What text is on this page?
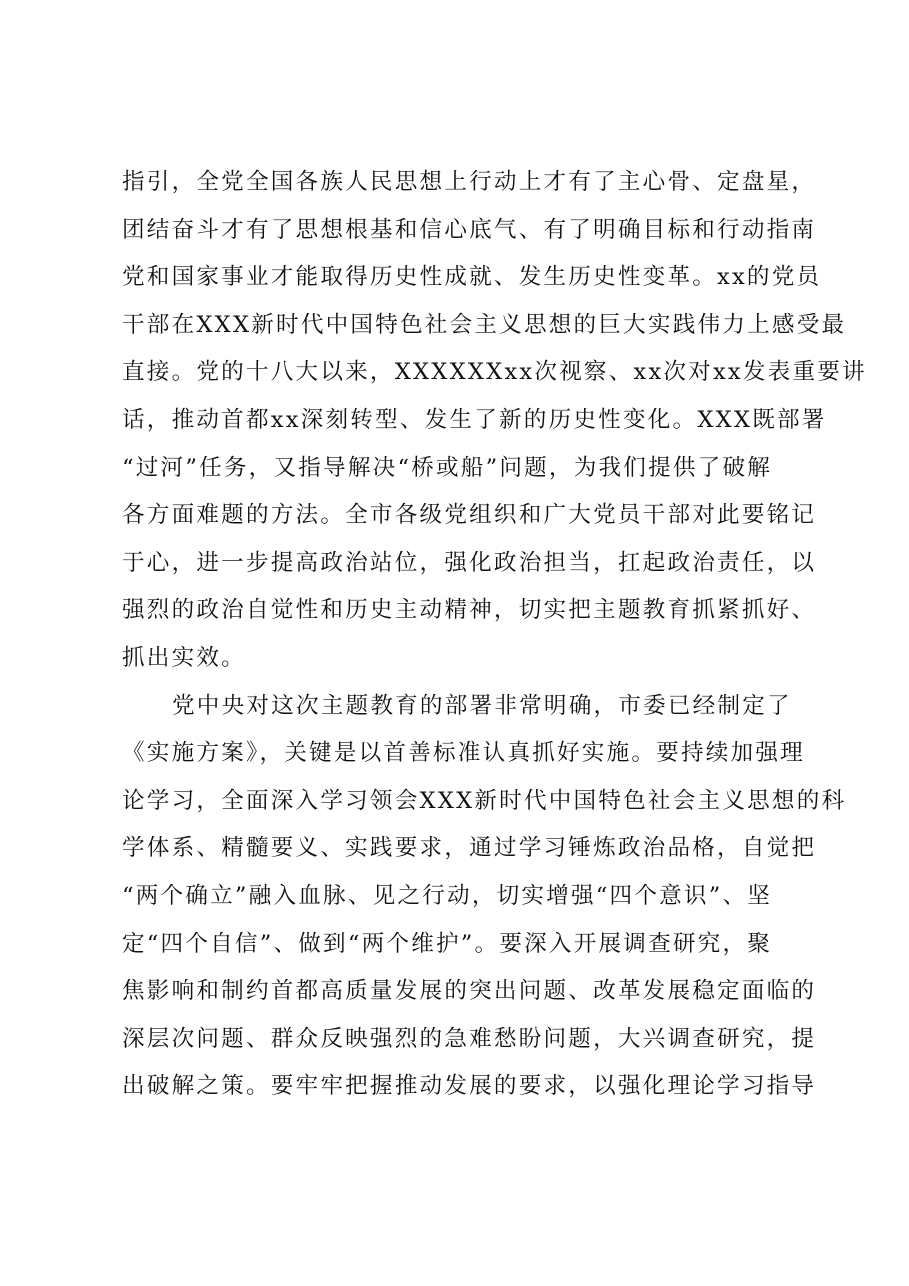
指引，全党全国各族人民思想上行动上才有了主心骨、定盘星，
团结奋斗才有了思想根基和信心底气、有了明确目标和行动指南
党和国家事业才能取得历史性成就、发生历史性变革。xx的党员
干部在XXX新时代中国特色社会主义思想的巨大实践伟力上感受最
直接。党的十八大以来，XXXXXXxx次视察、xx次对xx发表重要讲
话，推动首都xx深刻转型、发生了新的历史性变化。XXX既部署
“过河”任务，又指导解决“桥或船”问题，为我们提供了破解
各方面难题的方法。全市各级党组织和广大党员干部对此要铭记
于心，进一步提高政治站位，强化政治担当，扛起政治责任，以
强烈的政治自觉性和历史主动精神，切实把主题教育抓紧抓好、
抓出实效。
党中央对这次主题教育的部署非常明确，市委已经制定了
《实施方案》，关键是以首善标准认真抓好实施。要持续加强理
论学习，全面深入学习领会XXX新时代中国特色社会主义思想的科
学体系、精髓要义、实践要求，通过学习锤炼政治品格，自觉把
“两个确立”融入血脉、见之行动，切实增强“四个意识”、坚
定“四个自信”、做到“两个维护”。要深入开展调查研究，聚
焦影响和制约首都高质量发展的突出问题、改革发展稳定面临的
深层次问题、群众反映强烈的急难愁盼问题，大兴调查研究，提
出破解之策。要牢牢把握推动发展的要求，以强化理论学习指导
